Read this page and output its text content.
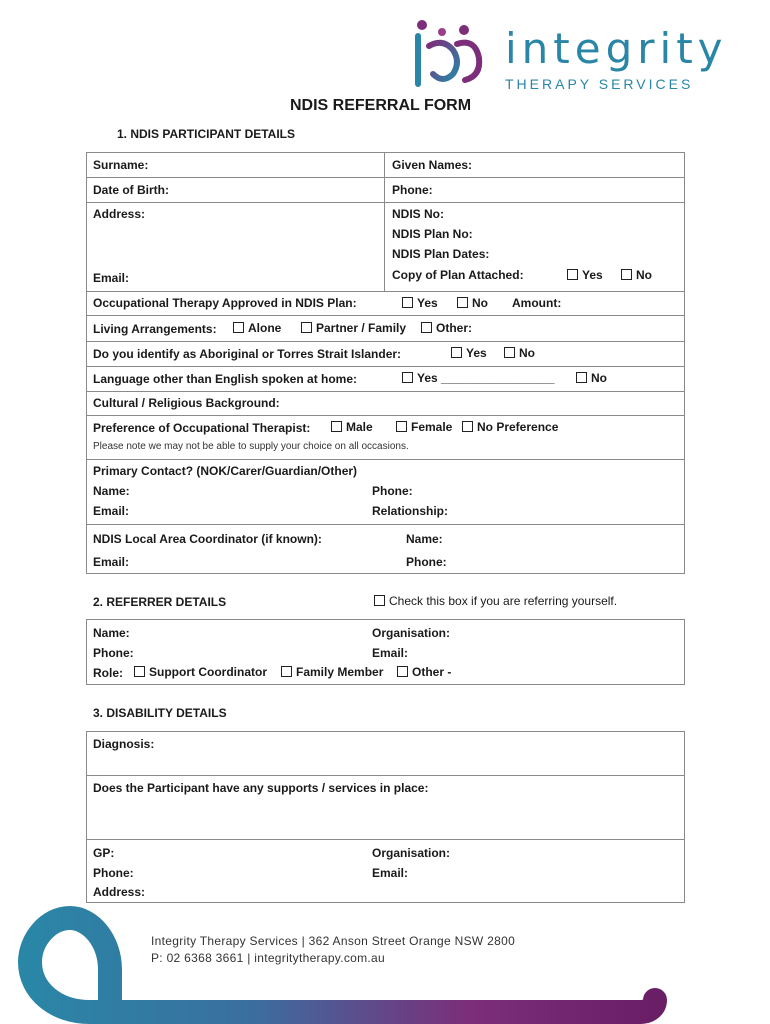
integrity
THERAPY SERVICES
NDIS REFERRAL FORM
1. NDIS PARTICIPANT DETAILS
Surname:	Given Names:
Date of Birth:	Phone:
Address:	NDIS No:
NDIS Plan No:
NDIS Plan Dates:
Copy of Plan Attached:	Yes	No
Email:
Occupational Therapy Approved in NDIS Plan:	Yes	No Amount:
Living Arrangements:	Alone	Partner / Family	Other:
Do you identify as Aboriginal or Torres Strait Islander:	Yes	No
Language other than English spoken at home:	Yes _________________	No
Cultural / Religious Background:
Preference of Occupational Therapist:	Male	Female	No Preference
Please note we may not be able to supply your choice on all occasions.
Primary Contact? (NOK/Carer/Guardian/Other)
Name:	Phone:
Email:	Relationship:
NDIS Local Area Coordinator (if known):	Name:
Email:	Phone:
2. REFERRER DETAILS	Check this box if you are referring yourself.
Name:	Organisation:
Phone:	Email:
Role:	Support Coordinator	Family Member	Other -
3. DISABILITY DETAILS
Diagnosis:
Does the Participant have any supports / services in place:
GP:	Organisation:
Phone:	Email:
Address:
Integrity Therapy Services | 362 Anson Street Orange NSW 2800
P: 02 6368 3661 | integritytherapy.com.au
